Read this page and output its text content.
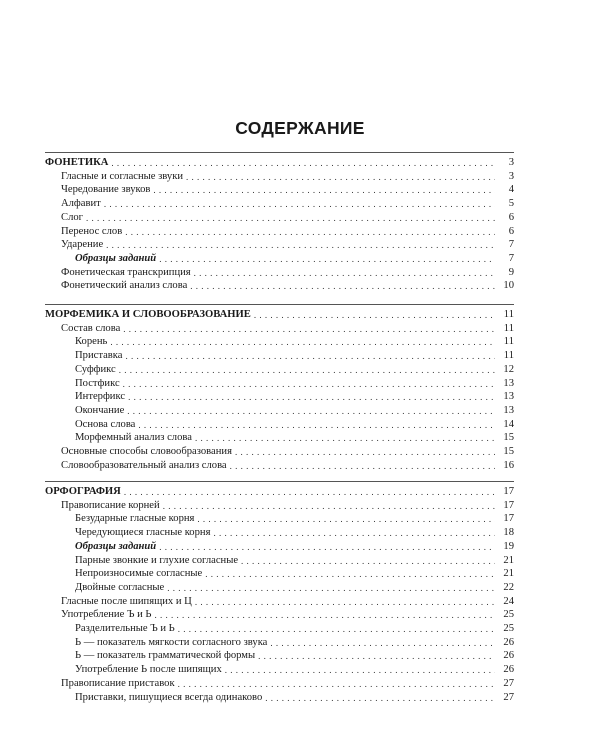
СОДЕРЖАНИЕ
ФОНЕТИКА . . .	3
Гласные и согласные звуки . . .	3
Чередование звуков . . .	4
Алфавит . . .	5
Слог . . .	6
Перенос слов . . .	6
Ударение . . .	7
Образцы заданий . . .	7
Фонетическая транскрипция . . .	9
Фонетический анализ слова . . .	10
МОРФЕМИКА И СЛОВООБРАЗОВАНИЕ . . .	11
Состав слова . . .	11
Корень . . .	11
Приставка . . .	11
Суффикс . . .	12
Постфикс . . .	13
Интерфикс . . .	13
Окончание . . .	13
Основа слова . . .	14
Морфемный анализ слова . . .	15
Основные способы словообразования . . .	15
Словообразовательный анализ слова . . .	16
ОРФОГРАФИЯ . . .	17
Правописание корней . . .	17
Безударные гласные корня . . .	17
Чередующиеся гласные корня . . .	18
Образцы заданий . . .	19
Парные звонкие и глухие согласные . . .	21
Непроизносимые согласные . . .	21
Двойные согласные . . .	22
Гласные после шипящих и Ц . . .	24
Употребление Ъ и Ь . . .	25
Разделительные Ъ и Ь . . .	25
Ь — показатель мягкости согласного звука . . .	26
Ь — показатель грамматической формы . . .	26
Употребление Ь после шипящих . . .	26
Правописание приставок . . .	27
Приставки, пишущиеся всегда одинаково . . .	27
